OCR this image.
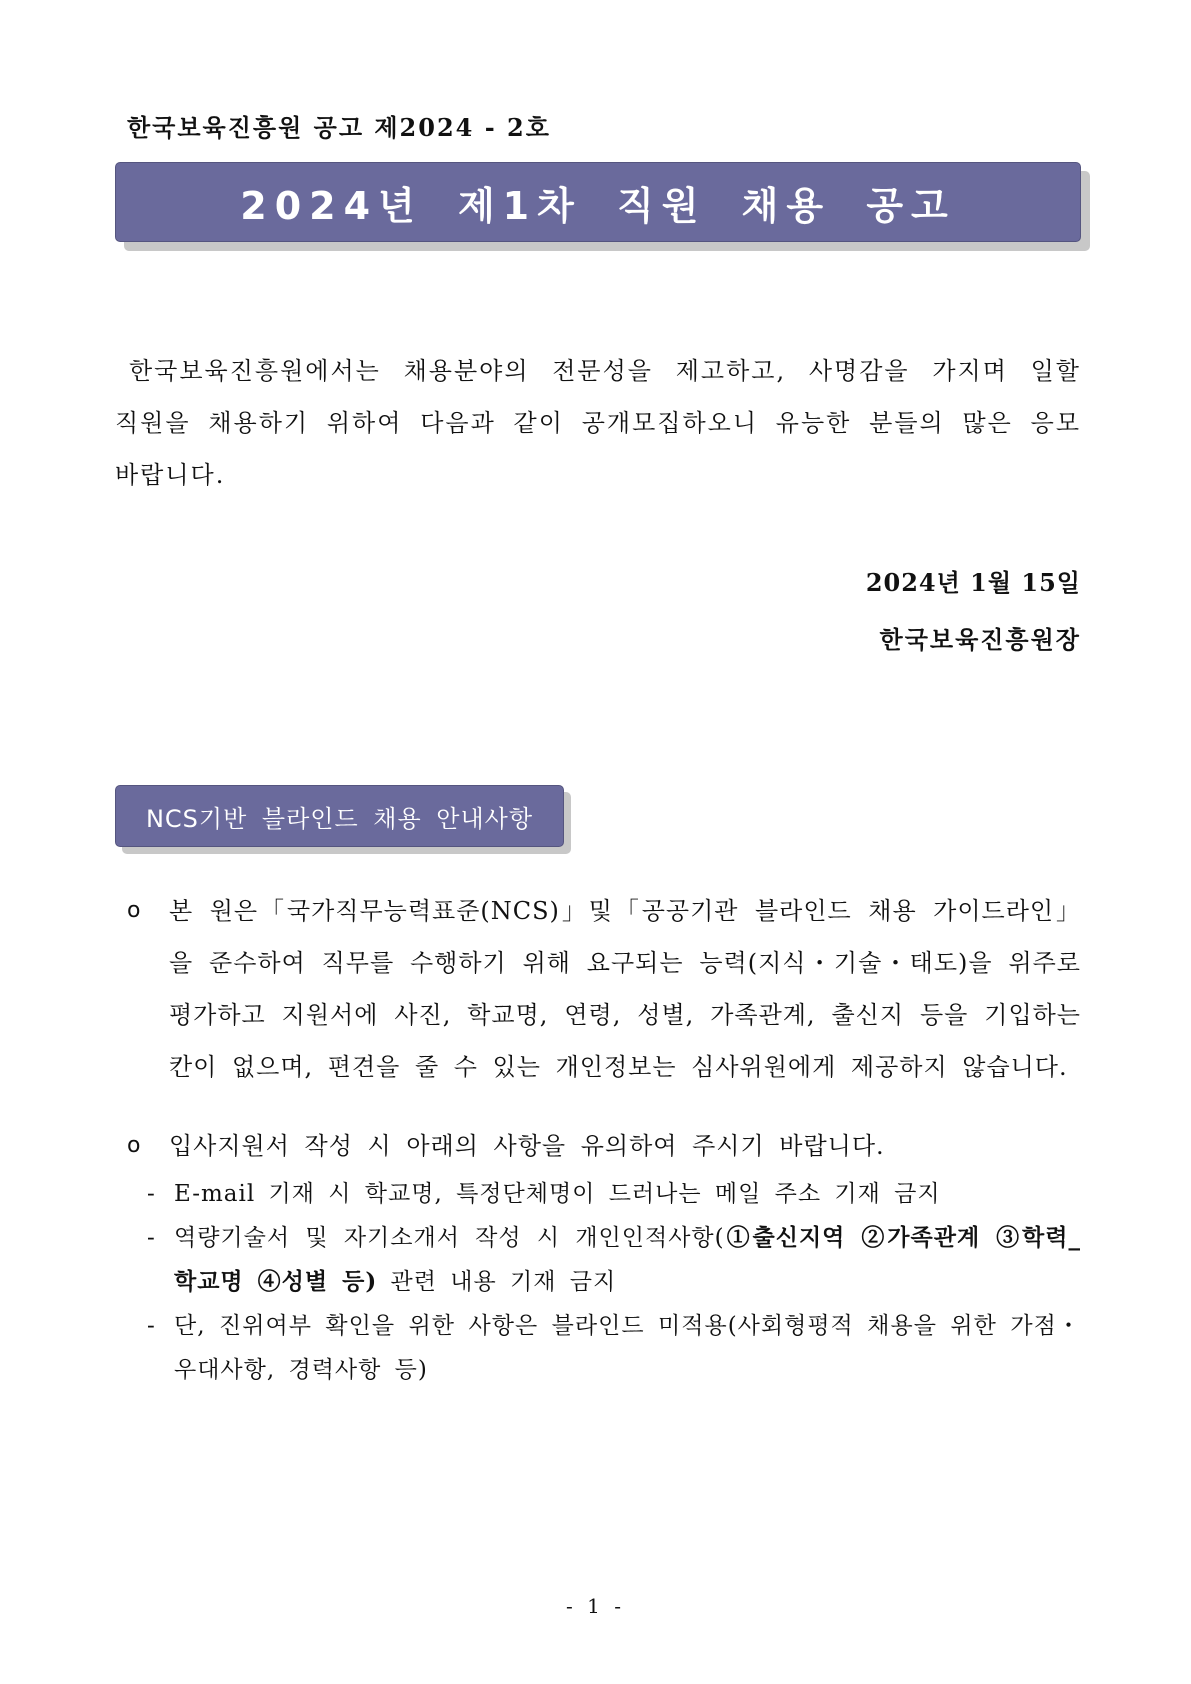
한국보육진흥원 공고 제2024 - 2호
2024년 제1차 직원 채용 공고
한국보육진흥원에서는 채용분야의 전문성을 제고하고, 사명감을 가지며 일할 직원을 채용하기 위하여 다음과 같이 공개모집하오니 유능한 분들의 많은 응모 바랍니다.
2024년 1월 15일
한국보육진흥원장
NCS기반 블라인드 채용 안내사항
o	본 원은「국가직무능력표준(NCS)」및「공공기관 블라인드 채용 가이드라인」을 준수하여 직무를 수행하기 위해 요구되는 능력(지식・기술・태도)을 위주로 평가하고 지원서에 사진, 학교명, 연령, 성별, 가족관계, 출신지 등을 기입하는 칸이 없으며, 편견을 줄 수 있는 개인정보는 심사위원에게 제공하지 않습니다.
o	입사지원서 작성 시 아래의 사항을 유의하여 주시기 바랍니다.
- E-mail 기재 시 학교명, 특정단체명이 드러나는 메일 주소 기재 금지
- 역량기술서 및 자기소개서 작성 시 개인인적사항(①출신지역 ②가족관계 ③학력_학교명 ④성별 등) 관련 내용 기재 금지
- 단, 진위여부 확인을 위한 사항은 블라인드 미적용(사회형평적 채용을 위한 가점・우대사항, 경력사항 등)
- 1 -
